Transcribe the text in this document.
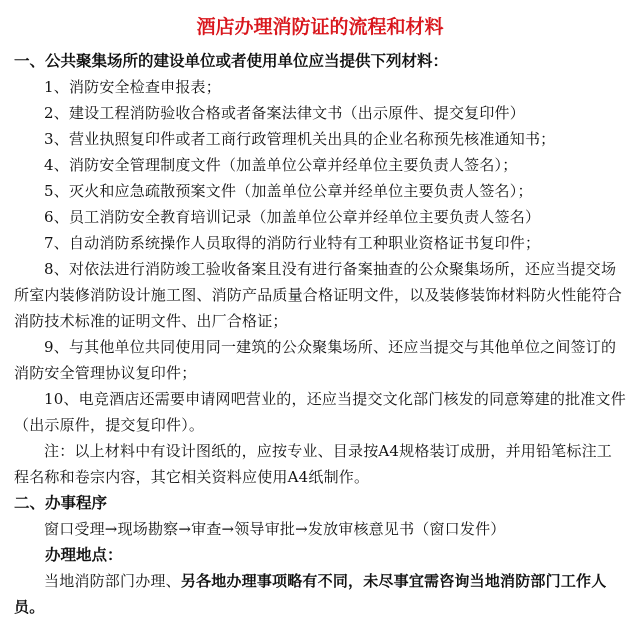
酒店办理消防证的流程和材料
一、公共聚集场所的建设单位或者使用单位应当提供下列材料：
1、消防安全检查申报表；
2、建设工程消防验收合格或者备案法律文书（出示原件、提交复印件）
3、营业执照复印件或者工商行政管理机关出具的企业名称预先核准通知书；
4、消防安全管理制度文件（加盖单位公章并经单位主要负责人签名）；
5、灭火和应急疏散预案文件（加盖单位公章并经单位主要负责人签名）；
6、员工消防安全教育培训记录（加盖单位公章并经单位主要负责人签名）
7、自动消防系统操作人员取得的消防行业特有工种职业资格证书复印件；
8、对依法进行消防竣工验收备案且没有进行备案抽查的公众聚集场所，还应当提交场所室内装修消防设计施工图、消防产品质量合格证明文件，以及装修装饰材料防火性能符合消防技术标准的证明文件、出厂合格证；
9、与其他单位共同使用同一建筑的公众聚集场所、还应当提交与其他单位之间签订的消防安全管理协议复印件；
10、电竞酒店还需要申请网吧营业的，还应当提交文化部门核发的同意筹建的批准文件（出示原件，提交复印件）。
注：以上材料中有设计图纸的，应按专业、目录按A4规格装订成册，并用铅笔标注工程名称和卷宗内容，其它相关资料应使用A4纸制作。
二、办事程序
窗口受理→现场勘察→审查→领导审批→发放审核意见书（窗口发件）
办理地点：
当地消防部门办理、另各地办理事项略有不同，未尽事宜需咨询当地消防部门工作人员。
